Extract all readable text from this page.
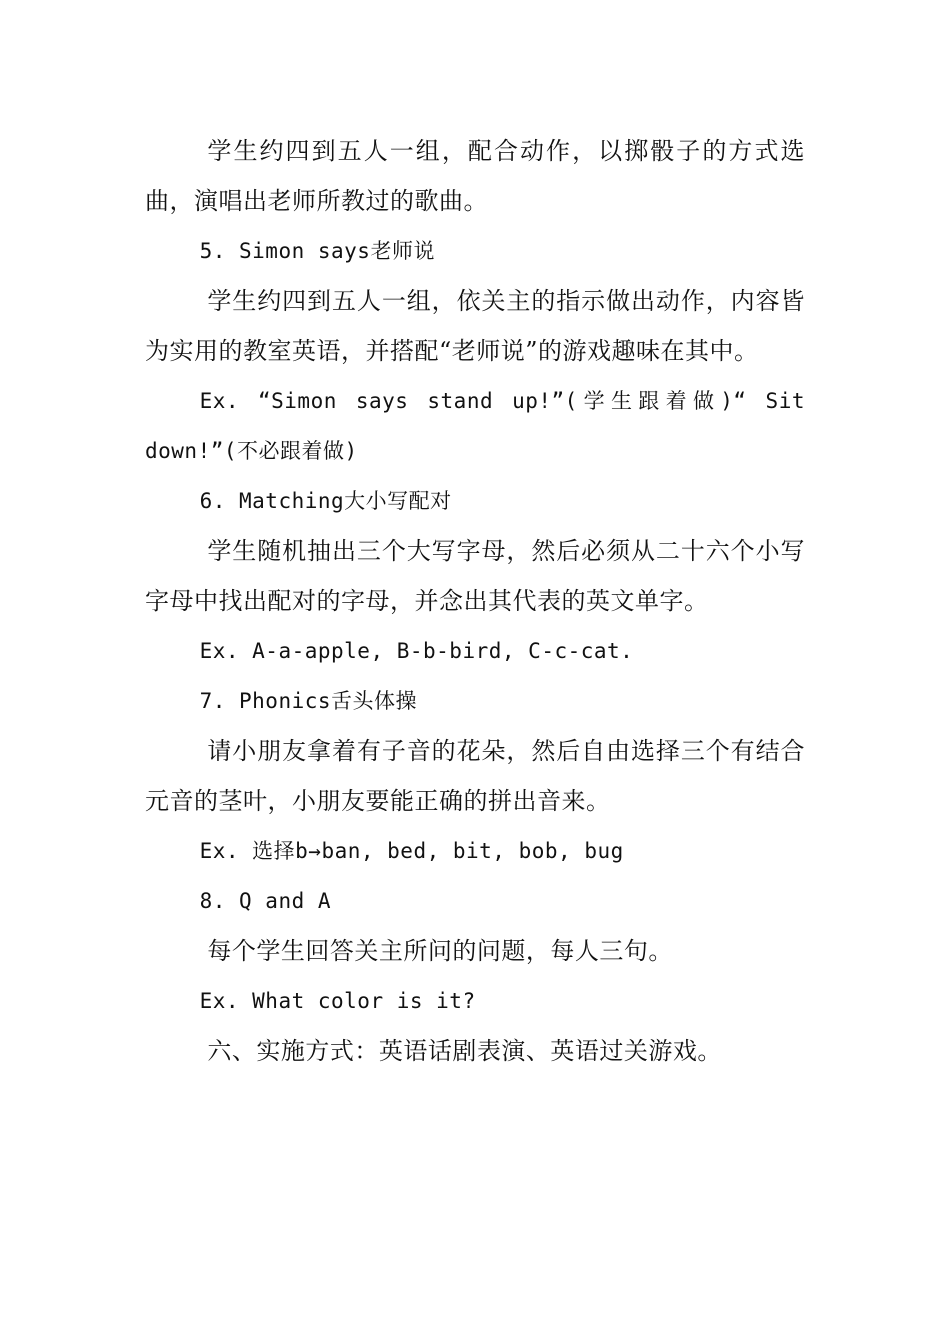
学生约四到五人一组，配合动作，以掷骰子的方式选曲，演唱出老师所教过的歌曲。

5. Simon says老师说

学生约四到五人一组，依关主的指示做出动作，内容皆为实用的教室英语，并搭配“老师说”的游戏趣味在其中。

Ex. “Simon says stand up!”(学生跟着做)“ Sit down!”(不必跟着做)

6. Matching大小写配对

学生随机抽出三个大写字母，然后必须从二十六个小写字母中找出配对的字母，并念出其代表的英文单字。

Ex. A-a-apple, B-b-bird, C-c-cat.

7. Phonics舌头体操

请小朋友拿着有子音的花朵，然后自由选择三个有结合元音的茎叶，小朋友要能正确的拼出音来。

Ex. 选择b→ban, bed, bit, bob, bug

8. Q and A

每个学生回答关主所问的问题，每人三句。

Ex. What color is it?

六、实施方式：英语话剧表演、英语过关游戏。
